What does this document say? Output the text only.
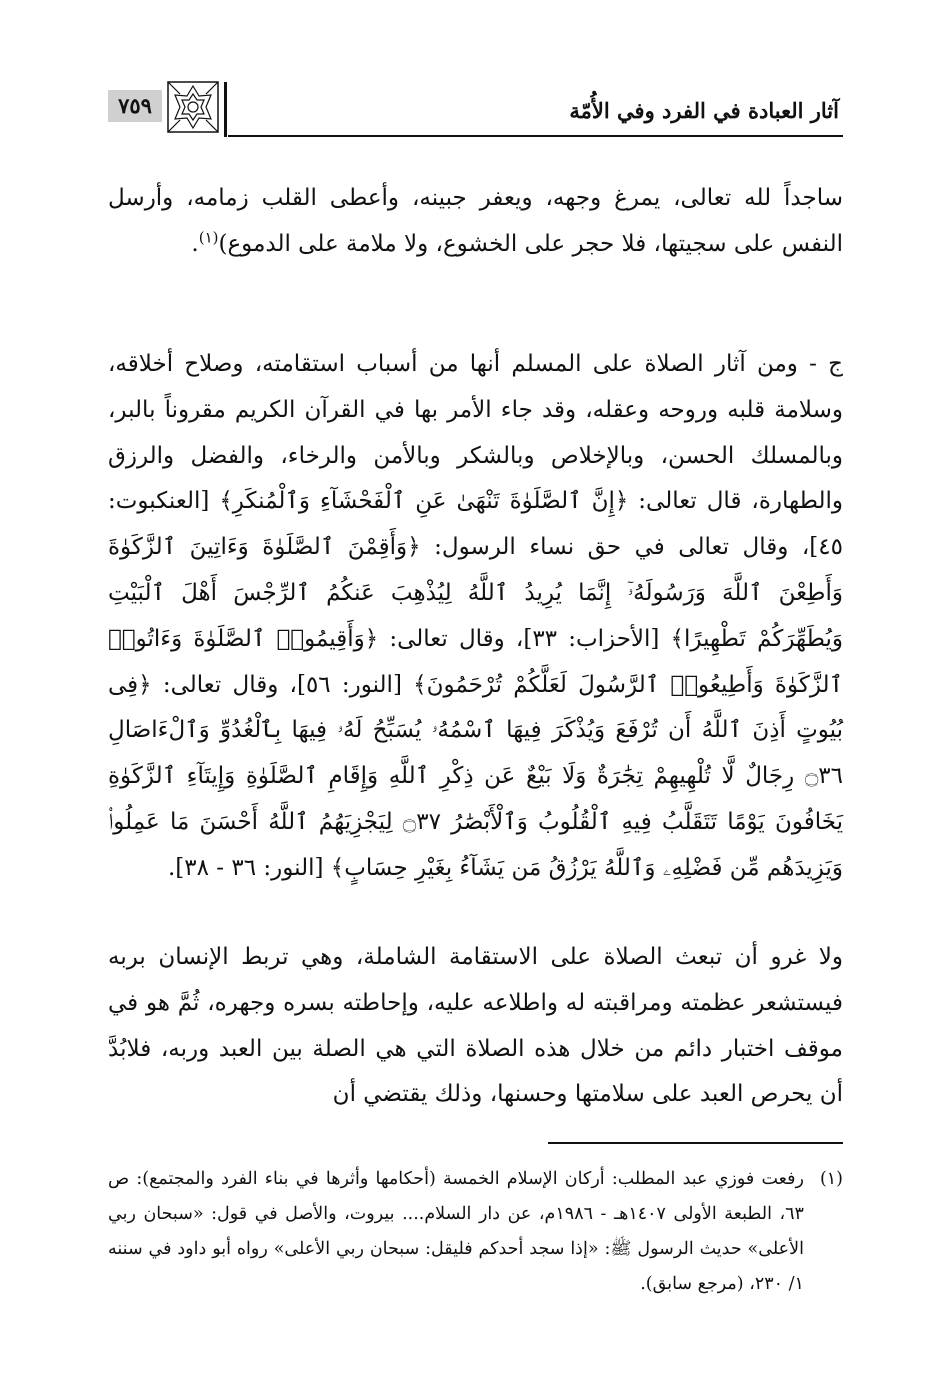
٧٥٩	آثار العبادة في الفرد وفي الأُمّة

ساجداً لله تعالى، يمرغ وجهه، ويعفر جبينه، وأعطى القلب زمامه، وأرسل النفس على سجيتها، فلا حجر على الخشوع، ولا ملامة على الدموع)$^{(١)}$.

ج - ومن آثار الصلاة على المسلم أنها من أسباب استقامته، وصلاح أخلاقه، وسلامة قلبه وروحه وعقله، وقد جاء الأمر بها في القرآن الكريم مقروناً بالبر، وبالمسلك الحسن، وبالإخلاص وبالشكر وبالأمن والرخاء، والفضل والرزق والطهارة، قال تعالى: ﴿إِنَّ ٱلصَّلَوٰةَ تَنْهَىٰ عَنِ ٱلْفَحْشَآءِ وَٱلْمُنكَرِ﴾ [العنكبوت: ٤٥]، وقال تعالى في حق نساء الرسول: ﴿وَأَقِمْنَ ٱلصَّلَوٰةَ وَءَاتِينَ ٱلزَّكَوٰةَ وَأَطِعْنَ ٱللَّهَ وَرَسُولَهُۥٓ إِنَّمَا يُرِيدُ ٱللَّهُ لِيُذْهِبَ عَنكُمُ ٱلرِّجْسَ أَهْلَ ٱلْبَيْتِ وَيُطَهِّرَكُمْ تَطْهِيرًا﴾ [الأحزاب: ٣٣]، وقال تعالى: ﴿وَأَقِيمُوا۟ ٱلصَّلَوٰةَ وَءَاتُوا۟ ٱلزَّكَوٰةَ وَأَطِيعُوا۟ ٱلرَّسُولَ لَعَلَّكُمْ تُرْحَمُونَ﴾ [النور: ٥٦]، وقال تعالى: ﴿فِى بُيُوتٍ أَذِنَ ٱللَّهُ أَن تُرْفَعَ وَيُذْكَرَ فِيهَا ٱسْمُهُۥ يُسَبِّحُ لَهُۥ فِيهَا بِٱلْغُدُوِّ وَٱلْءَاصَالِ ۝٣٦ رِجَالٌ لَّا تُلْهِيهِمْ تِجَٰرَةٌ وَلَا بَيْعٌ عَن ذِكْرِ ٱللَّهِ وَإِقَامِ ٱلصَّلَوٰةِ وَإِيتَآءِ ٱلزَّكَوٰةِ يَخَافُونَ يَوْمًا تَتَقَلَّبُ فِيهِ ٱلْقُلُوبُ وَٱلْأَبْصَٰرُ ۝٣٧ لِيَجْزِيَهُمُ ٱللَّهُ أَحْسَنَ مَا عَمِلُوا۟ وَيَزِيدَهُم مِّن فَضْلِهِۦ وَٱللَّهُ يَرْزُقُ مَن يَشَآءُ بِغَيْرِ حِسَابٍ﴾ [النور: ٣٦ - ٣٨].

ولا غرو أن تبعث الصلاة على الاستقامة الشاملة، وهي تربط الإنسان بربه فيستشعر عظمته ومراقبته له واطلاعه عليه، وإحاطته بسره وجهره، ثُمَّ هو في موقف اختبار دائم من خلال هذه الصلاة التي هي الصلة بين العبد وربه، فلابُدَّ أن يحرص العبد على سلامتها وحسنها، وذلك يقتضي أن

(١)
رفعت فوزي عبد المطلب: أركان الإسلام الخمسة (أحكامها وأثرها في بناء الفرد والمجتمع): ص ٦٣، الطبعة الأولى ١٤٠٧هـ - ١٩٨٦م، عن دار السلام.... بيروت، والأصل في قول: «سبحان ربي الأعلى» حديث الرسول ﷺ: «إذا سجد أحدكم فليقل: سبحان ربي الأعلى» رواه أبو داود في سننه ١/ ٢٣٠، (مرجع سابق).
